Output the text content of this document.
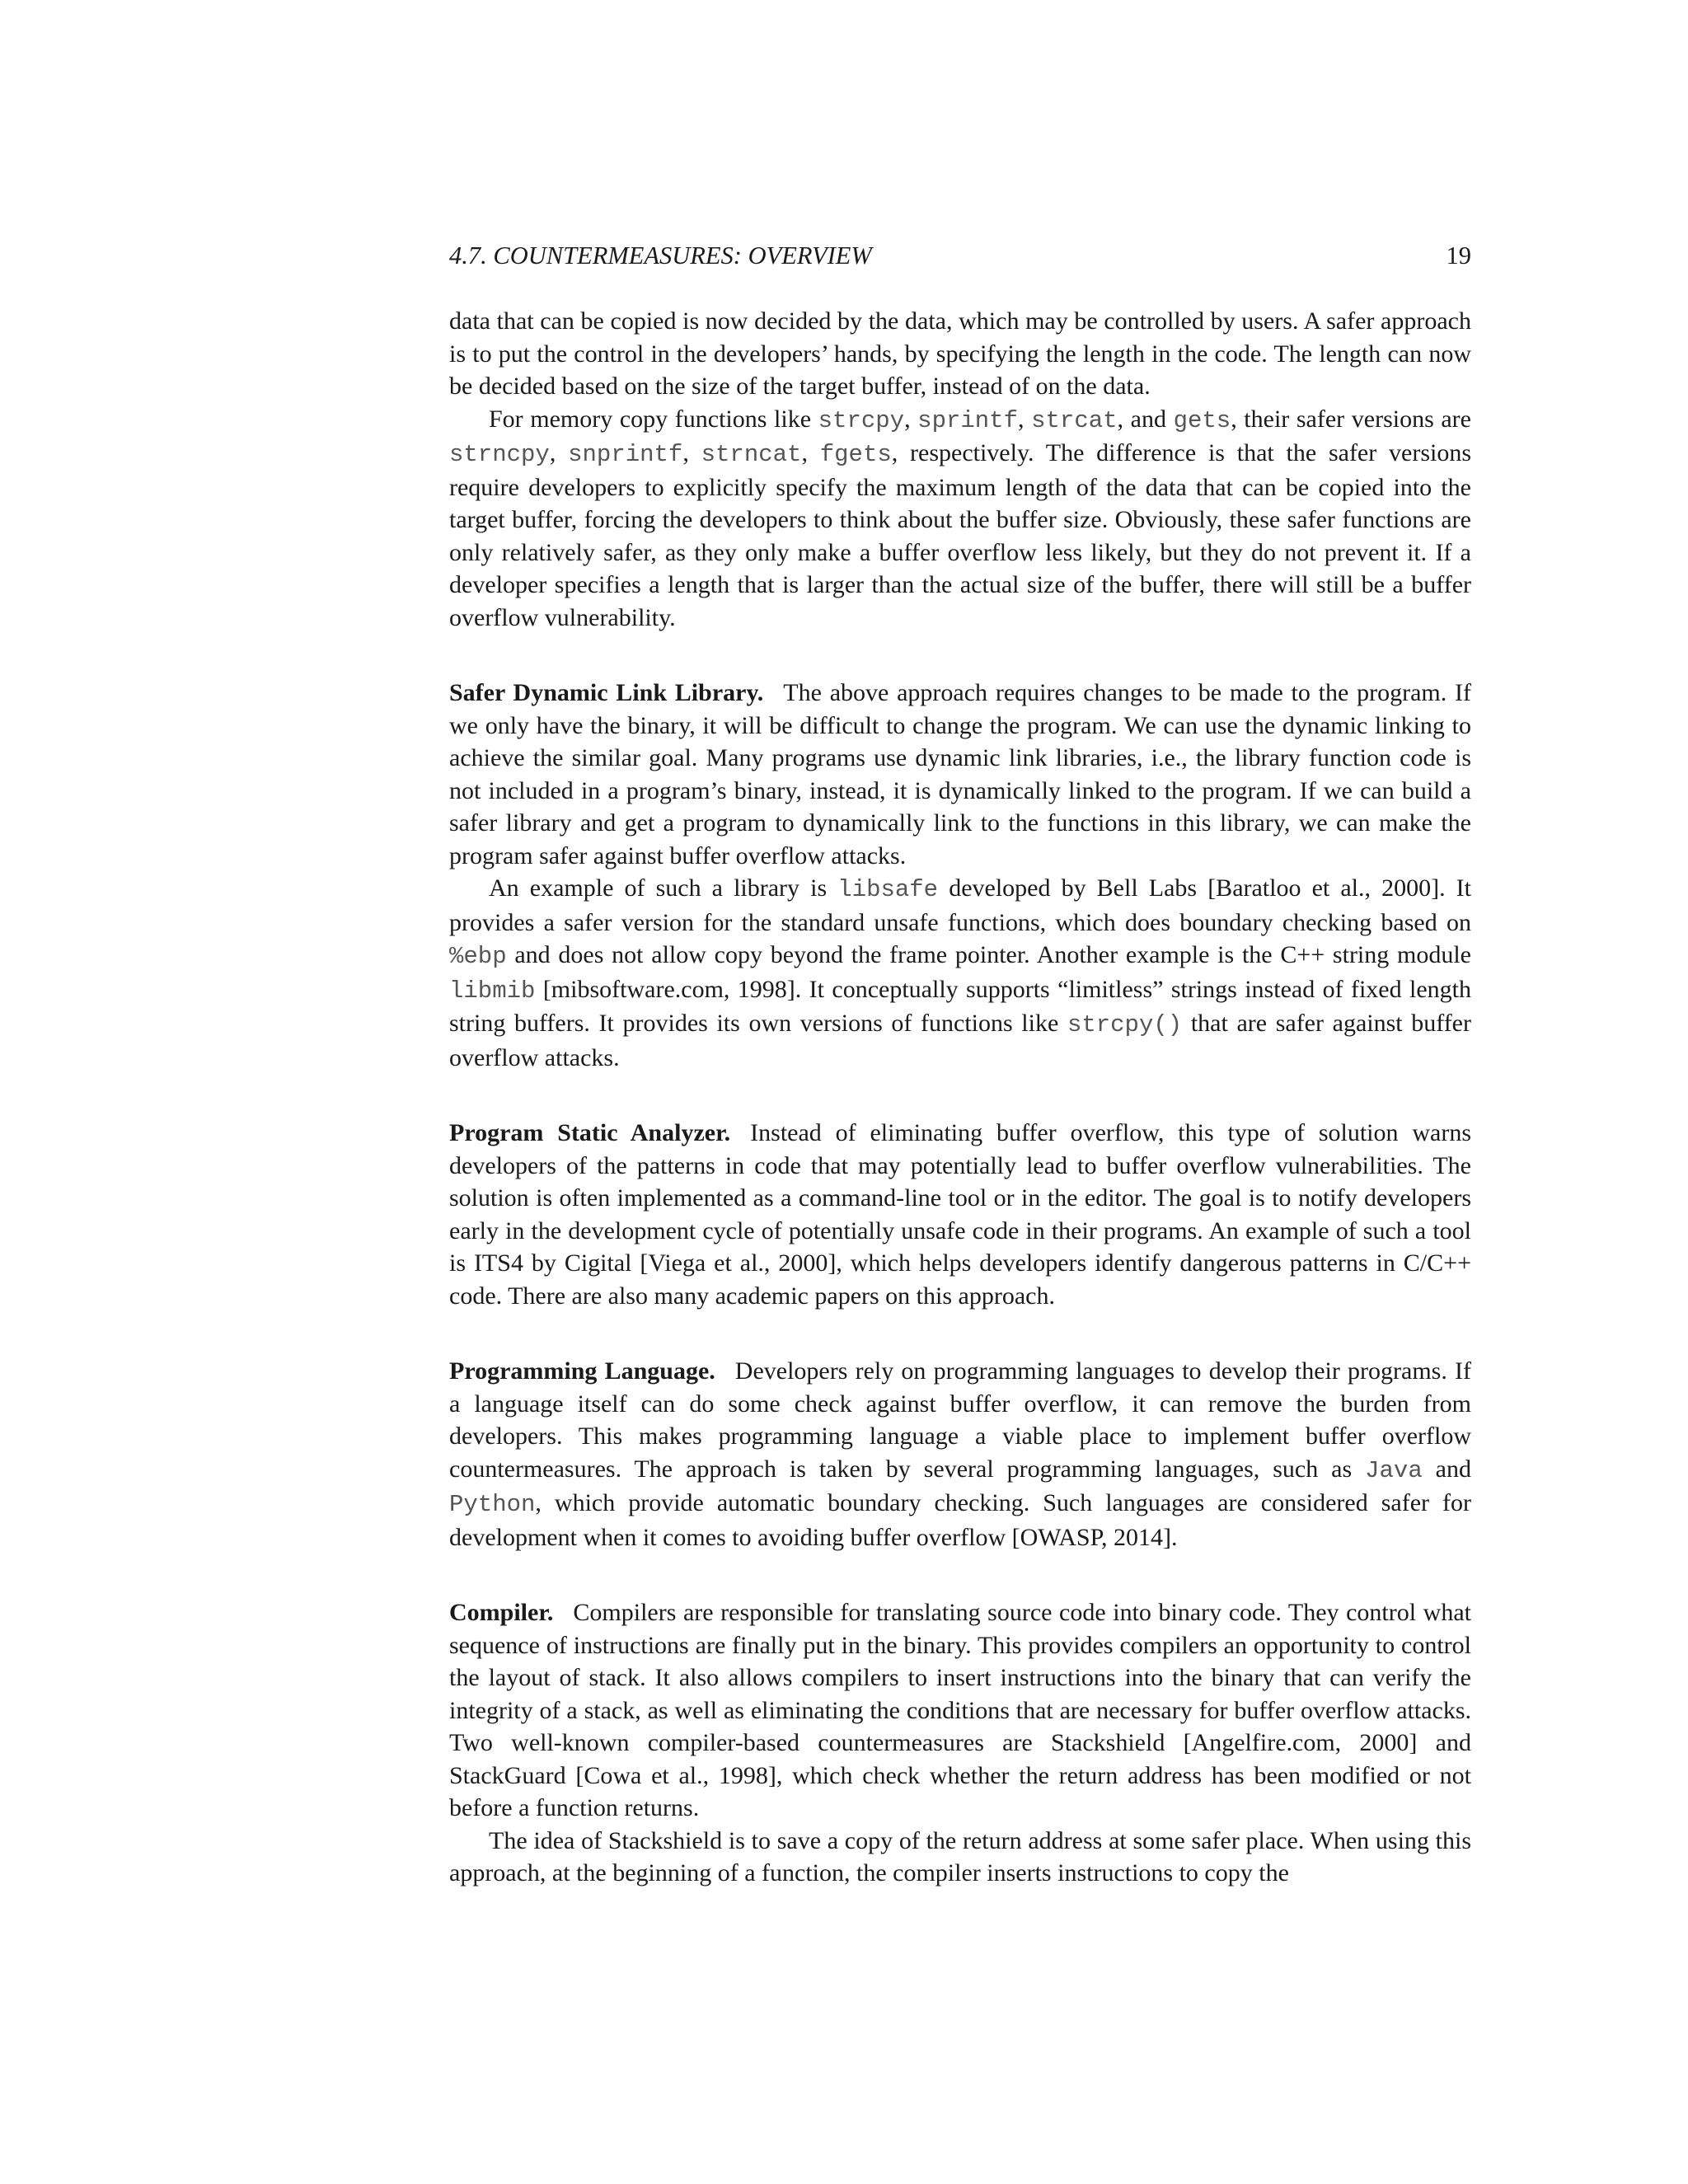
4.7. COUNTERMEASURES: OVERVIEW	19

data that can be copied is now decided by the data, which may be controlled by users. A safer approach is to put the control in the developers’ hands, by specifying the length in the code. The length can now be decided based on the size of the target buffer, instead of on the data.

For memory copy functions like strcpy, sprintf, strcat, and gets, their safer versions are strncpy, snprintf, strncat, fgets, respectively. The difference is that the safer versions require developers to explicitly specify the maximum length of the data that can be copied into the target buffer, forcing the developers to think about the buffer size. Obviously, these safer functions are only relatively safer, as they only make a buffer overflow less likely, but they do not prevent it. If a developer specifies a length that is larger than the actual size of the buffer, there will still be a buffer overflow vulnerability.

Safer Dynamic Link Library. The above approach requires changes to be made to the program. If we only have the binary, it will be difficult to change the program. We can use the dynamic linking to achieve the similar goal. Many programs use dynamic link libraries, i.e., the library function code is not included in a program’s binary, instead, it is dynamically linked to the program. If we can build a safer library and get a program to dynamically link to the functions in this library, we can make the program safer against buffer overflow attacks.

An example of such a library is libsafe developed by Bell Labs [Baratloo et al., 2000]. It provides a safer version for the standard unsafe functions, which does boundary checking based on %ebp and does not allow copy beyond the frame pointer. Another example is the C++ string module libmib [mibsoftware.com, 1998]. It conceptually supports “limitless” strings instead of fixed length string buffers. It provides its own versions of functions like strcpy() that are safer against buffer overflow attacks.

Program Static Analyzer. Instead of eliminating buffer overflow, this type of solution warns developers of the patterns in code that may potentially lead to buffer overflow vulnerabilities. The solution is often implemented as a command-line tool or in the editor. The goal is to notify developers early in the development cycle of potentially unsafe code in their programs. An example of such a tool is ITS4 by Cigital [Viega et al., 2000], which helps developers identify dangerous patterns in C/C++ code. There are also many academic papers on this approach.

Programming Language. Developers rely on programming languages to develop their programs. If a language itself can do some check against buffer overflow, it can remove the burden from developers. This makes programming language a viable place to implement buffer overflow countermeasures. The approach is taken by several programming languages, such as Java and Python, which provide automatic boundary checking. Such languages are considered safer for development when it comes to avoiding buffer overflow [OWASP, 2014].

Compiler. Compilers are responsible for translating source code into binary code. They control what sequence of instructions are finally put in the binary. This provides compilers an opportunity to control the layout of stack. It also allows compilers to insert instructions into the binary that can verify the integrity of a stack, as well as eliminating the conditions that are necessary for buffer overflow attacks. Two well-known compiler-based countermeasures are Stackshield [Angelfire.com, 2000] and StackGuard [Cowa et al., 1998], which check whether the return address has been modified or not before a function returns.

The idea of Stackshield is to save a copy of the return address at some safer place. When using this approach, at the beginning of a function, the compiler inserts instructions to copy the
